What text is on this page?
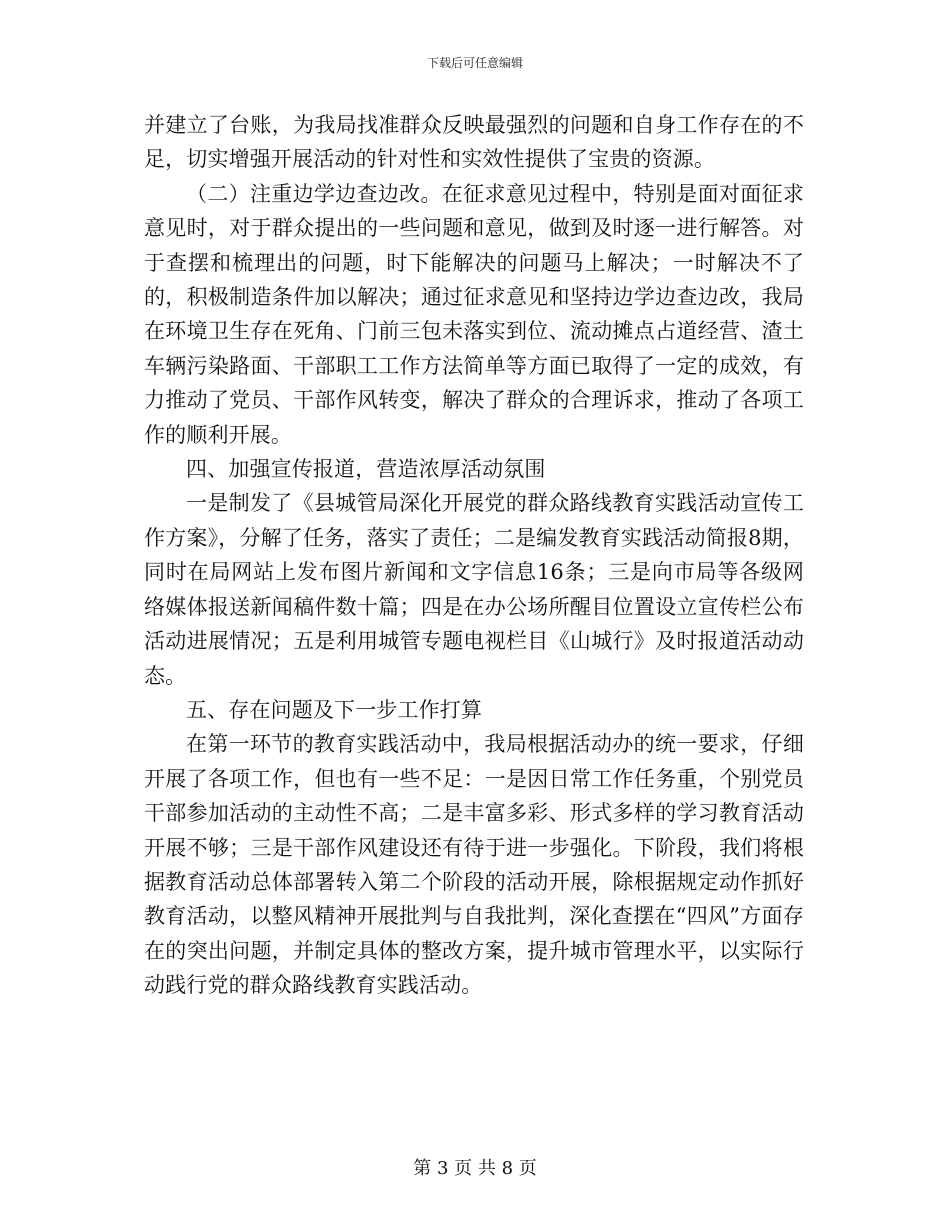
下载后可任意编辑

并建立了台账，为我局找准群众反映最强烈的问题和自身工作存在的不足，切实增强开展活动的针对性和实效性提供了宝贵的资源。

（二）注重边学边查边改。在征求意见过程中，特别是面对面征求意见时，对于群众提出的一些问题和意见，做到及时逐一进行解答。对于查摆和梳理出的问题，时下能解决的问题马上解决；一时解决不了的，积极制造条件加以解决；通过征求意见和坚持边学边查边改，我局在环境卫生存在死角、门前三包未落实到位、流动摊点占道经营、渣土车辆污染路面、干部职工工作方法简单等方面已取得了一定的成效，有力推动了党员、干部作风转变，解决了群众的合理诉求，推动了各项工作的顺利开展。

四、加强宣传报道，营造浓厚活动氛围

一是制发了《县城管局深化开展党的群众路线教育实践活动宣传工作方案》，分解了任务，落实了责任；二是编发教育实践活动简报8期，同时在局网站上发布图片新闻和文字信息16条；三是向市局等各级网络媒体报送新闻稿件数十篇；四是在办公场所醒目位置设立宣传栏公布活动进展情况；五是利用城管专题电视栏目《山城行》及时报道活动动态。

五、存在问题及下一步工作打算

在第一环节的教育实践活动中，我局根据活动办的统一要求，仔细开展了各项工作，但也有一些不足：一是因日常工作任务重，个别党员干部参加活动的主动性不高；二是丰富多彩、形式多样的学习教育活动开展不够；三是干部作风建设还有待于进一步强化。下阶段，我们将根据教育活动总体部署转入第二个阶段的活动开展，除根据规定动作抓好教育活动，以整风精神开展批判与自我批判，深化查摆在“四风”方面存在的突出问题，并制定具体的整改方案，提升城市管理水平，以实际行动践行党的群众路线教育实践活动。

第 3 页 共 8 页
